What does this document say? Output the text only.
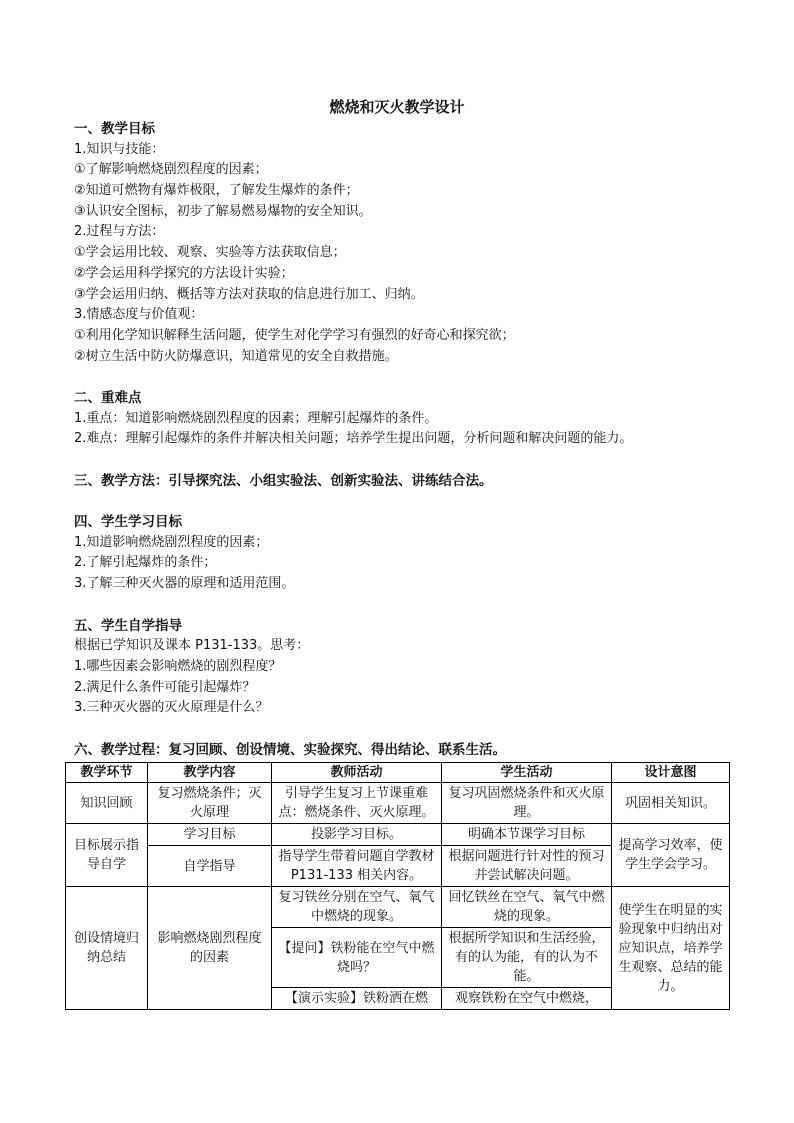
燃烧和灭火教学设计
一、教学目标
1.知识与技能：
①了解影响燃烧剧烈程度的因素；
②知道可燃物有爆炸极限，了解发生爆炸的条件；
③认识安全图标，初步了解易燃易爆物的安全知识。
2.过程与方法：
①学会运用比较、观察、实验等方法获取信息；
②学会运用科学探究的方法设计实验；
③学会运用归纳、概括等方法对获取的信息进行加工、归纳。
3.情感态度与价值观：
①利用化学知识解释生活问题，使学生对化学学习有强烈的好奇心和探究欲；
②树立生活中防火防爆意识，知道常见的安全自救措施。
二、重难点
1.重点：知道影响燃烧剧烈程度的因素；理解引起爆炸的条件。
2.难点：理解引起爆炸的条件并解决相关问题；培养学生提出问题，分析问题和解决问题的能力。
三、教学方法：引导探究法、小组实验法、创新实验法、讲练结合法。
四、学生学习目标
1.知道影响燃烧剧烈程度的因素；
2.了解引起爆炸的条件；
3.了解三种灭火器的原理和适用范围。
五、学生自学指导
根据已学知识及课本 P131-133。思考：
1.哪些因素会影响燃烧的剧烈程度？
2.满足什么条件可能引起爆炸？
3.三种灭火器的灭火原理是什么？
六、教学过程：复习回顾、创设情境、实验探究、得出结论、联系生活。
教学环节	教学内容	教师活动	学生活动	设计意图
知识回顾	复习燃烧条件；灭火原理	引导学生复习上节课重难点：燃烧条件、灭火原理。	复习巩固燃烧条件和灭火原理。	巩固相关知识。
目标展示指导自学	学习目标	投影学习目标。	明确本节课学习目标	提高学习效率，使学生学会学习。
	自学指导	指导学生带着问题自学教材 P131-133 相关内容。	根据问题进行针对性的预习并尝试解决问题。	
创设情境归纳总结	影响燃烧剧烈程度的因素	复习铁丝分别在空气、氧气中燃烧的现象。	回忆铁丝在空气、氧气中燃烧的现象。	使学生在明显的实验现象中归纳出对应知识点，培养学生观察、总结的能力。
		【提问】铁粉能在空气中燃烧吗？	根据所学知识和生活经验，有的认为能，有的认为不能。	
		【演示实验】铁粉洒在燃	观察铁粉在空气中燃烧，	
